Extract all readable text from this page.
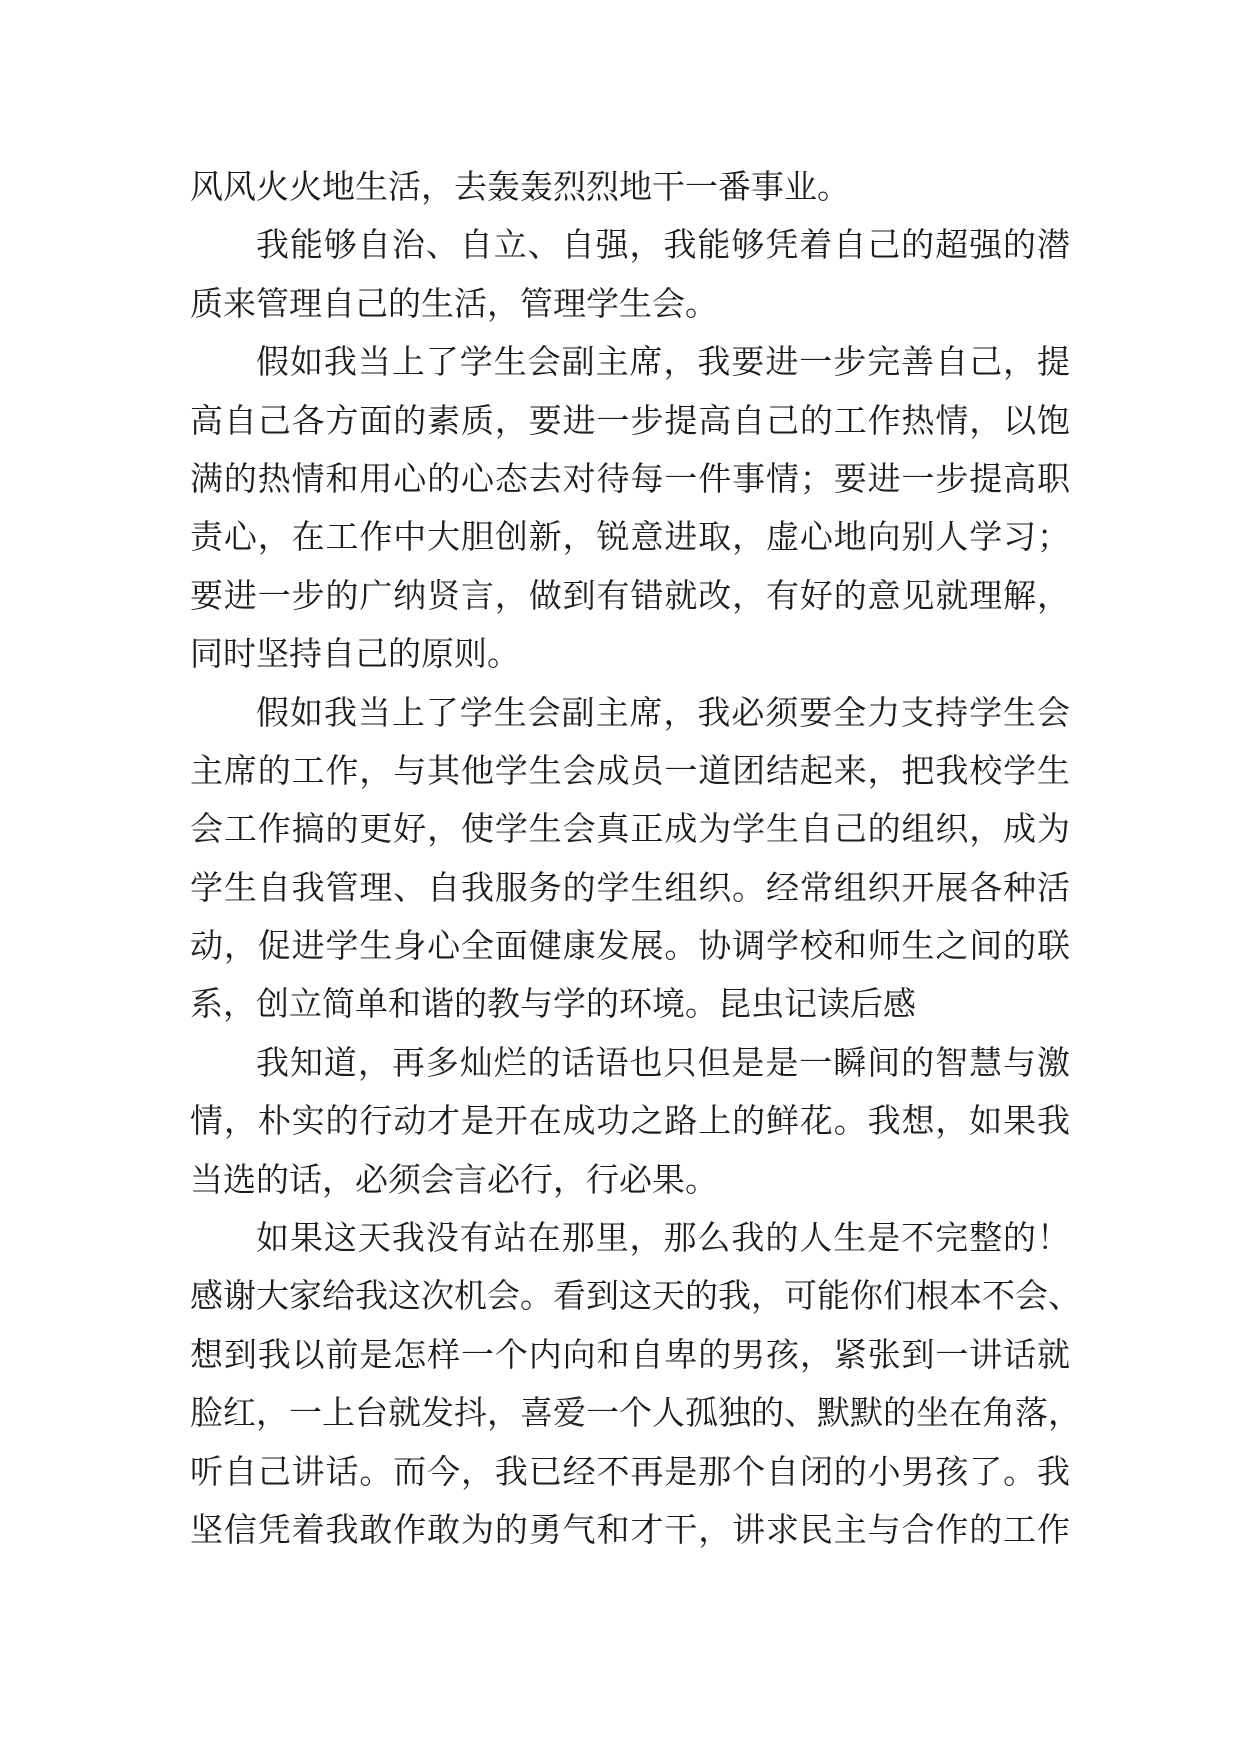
风风火火地生活，去轰轰烈烈地干一番事业。
我能够自治、自立、自强，我能够凭着自己的超强的潜
质来管理自己的生活，管理学生会。
假如我当上了学生会副主席，我要进一步完善自己，提
高自己各方面的素质，要进一步提高自己的工作热情，以饱
满的热情和用心的心态去对待每一件事情；要进一步提高职
责心，在工作中大胆创新，锐意进取，虚心地向别人学习；
要进一步的广纳贤言，做到有错就改，有好的意见就理解，
同时坚持自己的原则。
假如我当上了学生会副主席，我必须要全力支持学生会
主席的工作，与其他学生会成员一道团结起来，把我校学生
会工作搞的更好，使学生会真正成为学生自己的组织，成为
学生自我管理、自我服务的学生组织。经常组织开展各种活
动，促进学生身心全面健康发展。协调学校和师生之间的联
系，创立简单和谐的教与学的环境。昆虫记读后感
我知道，再多灿烂的话语也只但是是一瞬间的智慧与激
情，朴实的行动才是开在成功之路上的鲜花。我想，如果我
当选的话，必须会言必行，行必果。
如果这天我没有站在那里，那么我的人生是不完整的！
感谢大家给我这次机会。看到这天的我，可能你们根本不会、
想到我以前是怎样一个内向和自卑的男孩，紧张到一讲话就
脸红，一上台就发抖，喜爱一个人孤独的、默默的坐在角落，
听自己讲话。而今，我已经不再是那个自闭的小男孩了。我
坚信凭着我敢作敢为的勇气和才干，讲求民主与合作的工作
